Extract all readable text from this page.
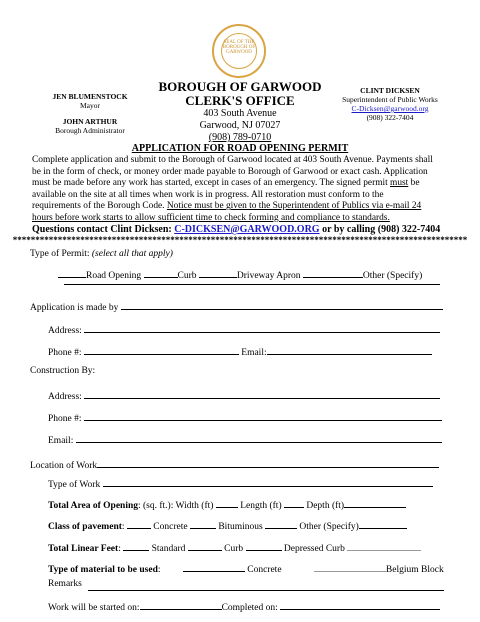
SEAL OF THE BOROUGH OF GARWOOD
JEN BLUMENSTOCK
Mayor
JOHN ARTHUR
Borough Administrator
BOROUGH OF GARWOOD
CLERK'S OFFICE
403 South Avenue
Garwood, NJ 07027
(908) 789-0710
CLINT DICKSEN
Superintendent of Public Works
C-Dicksen@garwood.org
(908) 322-7404
APPLICATION FOR ROAD OPENING PERMIT
Complete application and submit to the Borough of Garwood located at 403 South Avenue. Payments shall
be in the form of check, or money order made payable to Borough of Garwood or exact cash. Application
must be made before any work has started, except in cases of an emergency. The signed permit must be
available on the site at all times when work is in progress. All restoration must conform to the
requirements of the Borough Code. Notice must be given to the Superintendent of Publics via e-mail 24
hours before work starts to allow sufficient time to check forming and compliance to standards.
Questions contact Clint Dicksen: C-DICKSEN@GARWOOD.ORG or by calling (908) 322-7404
*****************************************************************************************************
Type of Permit: (select all that apply)
Road Opening	Curb	Driveway Apron	Other (Specify)
Application is made by
Address:
Phone #:	Email:
Construction By:
Address:
Phone #:
Email:
Location of Work
Type of Work
Total Area of Opening: (sq. ft.): Width (ft)	Length (ft)	Depth (ft)
Class of pavement:	Concrete	Bituminous	Other (Specify)
Total Linear Feet:	Standard	Curb	Depressed Curb
Type of material to be used:	Concrete	Belgium Block
Remarks
Work will be started on:	Completed on:
